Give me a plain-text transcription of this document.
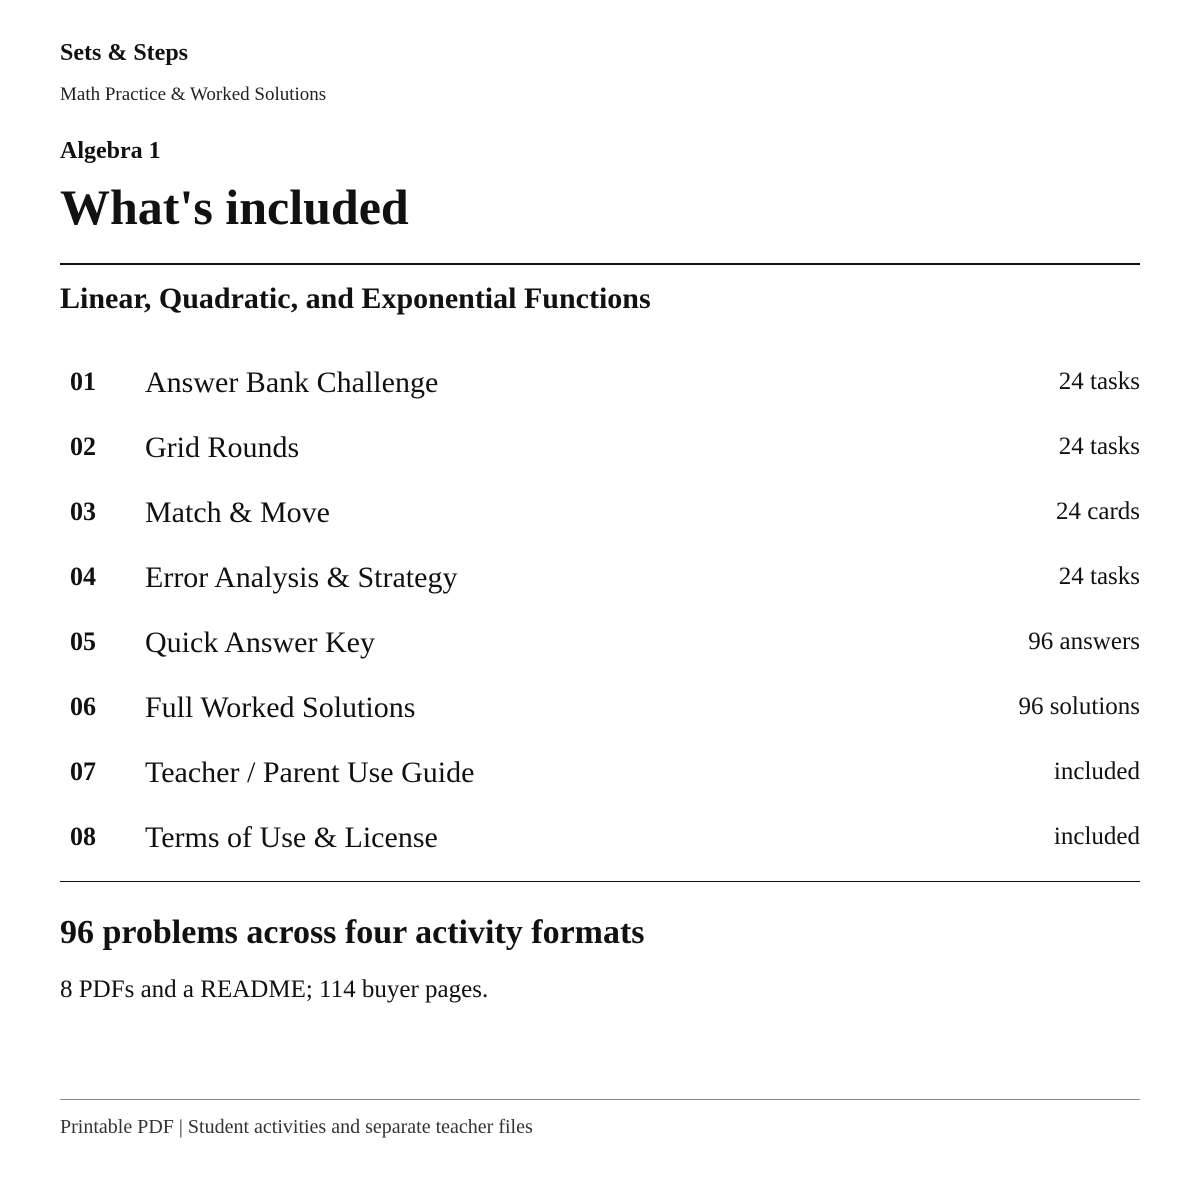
Sets & Steps
Math Practice & Worked Solutions
Algebra 1
What's included
Linear, Quadratic, and Exponential Functions
01 Answer Bank Challenge	24 tasks
02 Grid Rounds	24 tasks
03 Match & Move	24 cards
04 Error Analysis & Strategy	24 tasks
05 Quick Answer Key	96 answers
06 Full Worked Solutions	96 solutions
07 Teacher / Parent Use Guide	included
08 Terms of Use & License	included
96 problems across four activity formats
8 PDFs and a README; 114 buyer pages.
Printable PDF | Student activities and separate teacher files
